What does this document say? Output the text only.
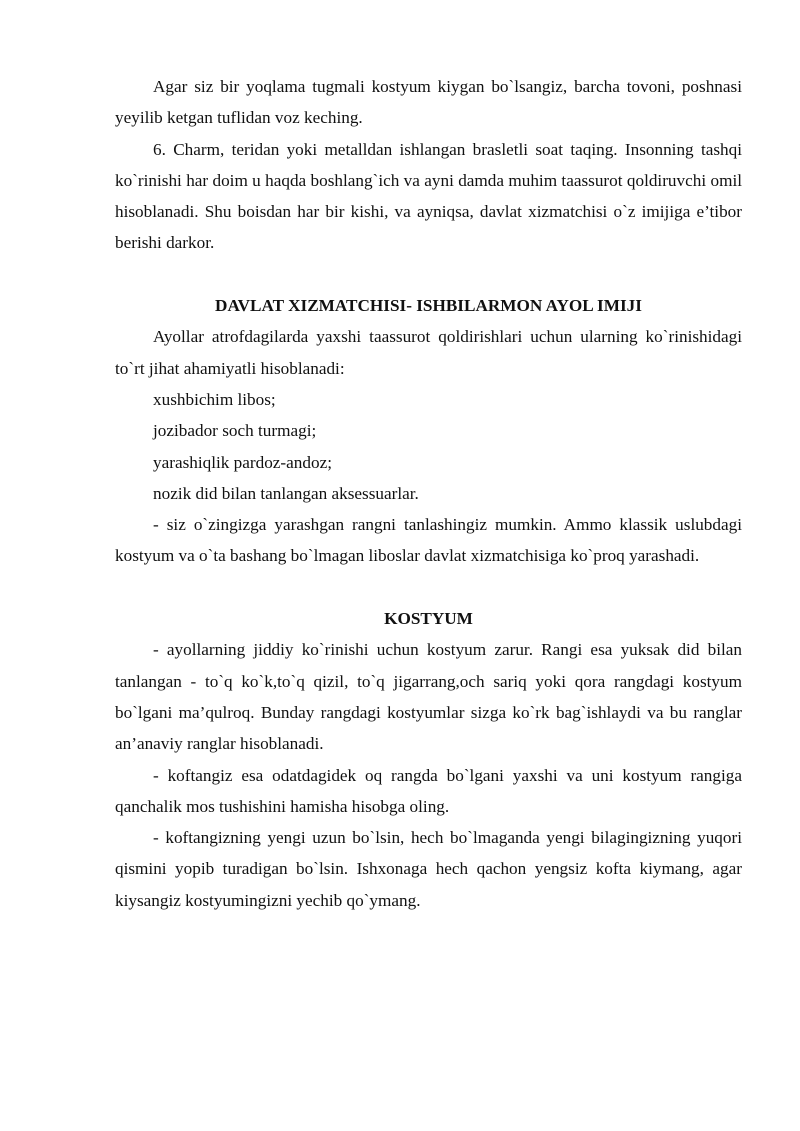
Agar siz bir yoqlama tugmali kostyum kiygan bo`lsangiz, barcha tovoni, poshnasi yeyilib ketgan tuflidan voz keching.

6. Charm, teridan yoki metalldan ishlangan brasletli soat taqing. Insonning tashqi ko`rinishi har doim u haqda boshlang`ich va ayni damda muhim taassurot qoldiruvchi omil hisoblanadi. Shu boisdan har bir kishi, va ayniqsa, davlat xizmatchisi o`z imijiga e’tibor berishi darkor.

DAVLAT XIZMATCHISI- ISHBILARMON AYOL IMIJI

Ayollar atrofdagilarda yaxshi taassurot qoldirishlari uchun ularning ko`rinishidagi to`rt jihat ahamiyatli hisoblanadi:

xushbichim libos;

jozibador soch turmagi;

yarashiqlik pardoz-andoz;

nozik did bilan tanlangan aksessuarlar.

- siz o`zingizga yarashgan rangni tanlashingiz mumkin. Ammo klassik uslubdagi kostyum va o`ta bashang bo`lmagan liboslar davlat xizmatchisiga ko`proq yarashadi.

KOSTYUM

- ayollarning jiddiy ko`rinishi uchun kostyum zarur. Rangi esa yuksak did bilan tanlangan - to`q ko`k,to`q qizil, to`q jigarrang,och sariq yoki qora rangdagi kostyum bo`lgani ma’qulroq. Bunday rangdagi kostyumlar sizga ko`rk bag`ishlaydi va bu ranglar an’anaviy ranglar hisoblanadi.

- koftangiz esa odatdagidek oq rangda bo`lgani yaxshi va uni kostyum rangiga qanchalik mos tushishini hamisha hisobga oling.

- koftangizning yengi uzun bo`lsin, hech bo`lmaganda yengi bilagingizning yuqori qismini yopib turadigan bo`lsin. Ishxonaga hech qachon yengsiz kofta kiymang, agar kiysangiz kostyumingizni yechib qo`ymang.
